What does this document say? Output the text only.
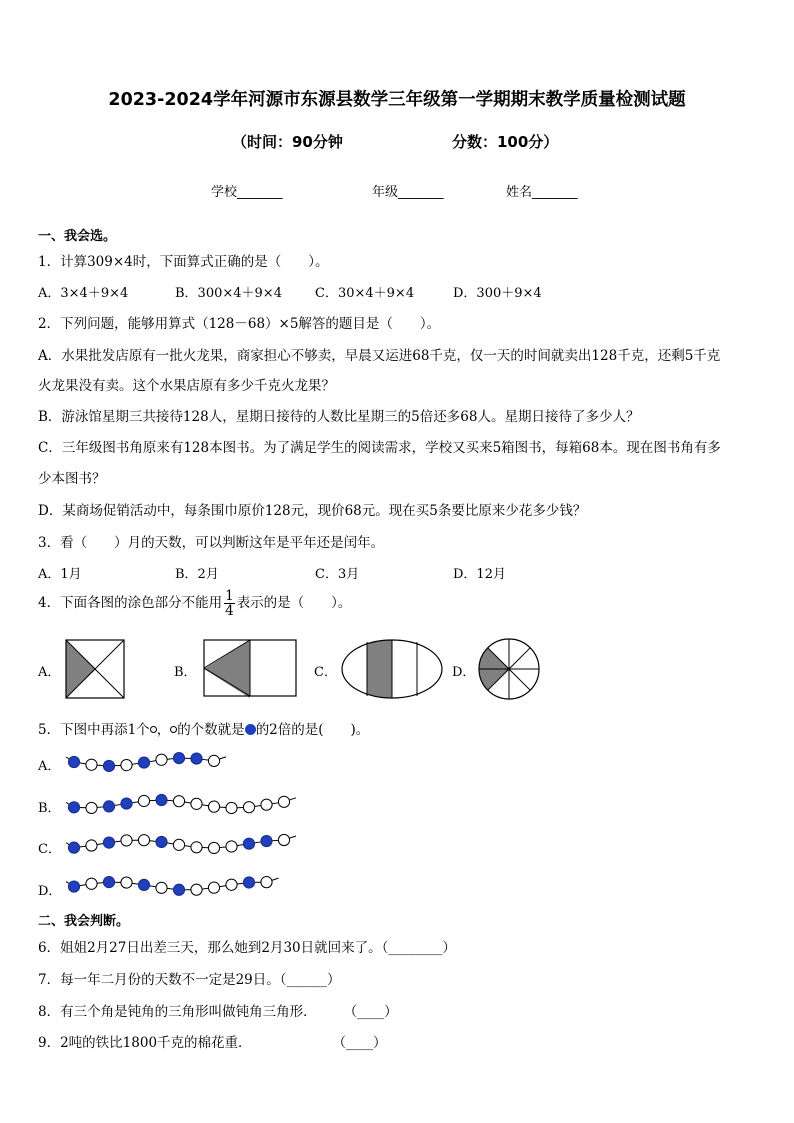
2023-2024学年河源市东源县数学三年级第一学期期末教学质量检测试题
（时间：90分钟	分数：100分）
学校_______	年级_______	姓名_______
一、我会选。
1．计算309×4时，下面算式正确的是（　　）。
A．3×4＋9×4	B．300×4＋9×4	C．30×4＋9×4	D．300＋9×4
2．下列问题，能够用算式（128－68）×5解答的题目是（　　）。
A．水果批发店原有一批火龙果，商家担心不够卖，早晨又运进68千克，仅一天的时间就卖出128千克，还剩5千克
火龙果没有卖。这个水果店原有多少千克火龙果？
B．游泳馆星期三共接待128人，星期日接待的人数比星期三的5倍还多68人。星期日接待了多少人？
C．三年级图书角原来有128本图书。为了满足学生的阅读需求，学校又买来5箱图书，每箱68本。现在图书角有多
少本图书？
D．某商场促销活动中，每条围巾原价128元，现价68元。现在买5条要比原来少花多少钱？
3．看（　　）月的天数，可以判断这年是平年还是闰年。
A．1月	B．2月	C．3月	D．12月
4．下面各图的涂色部分不能用 $\frac{1}{4}$ 表示的是（　　）。
A．	B．	C．	D．
5．下图中再添1个 ， 的个数就是 的2倍的是(　　)。
A．
B．
C．
D．
二、我会判断。
6．姐姐2月27日出差三天，那么她到2月30日就回来了。（________）
7．每一年二月份的天数不一定是29日。（______）
8．有三个角是钝角的三角形叫做钝角三角形．　　　（____）
9．2吨的铁比1800千克的棉花重．　　　　　　　（____）
